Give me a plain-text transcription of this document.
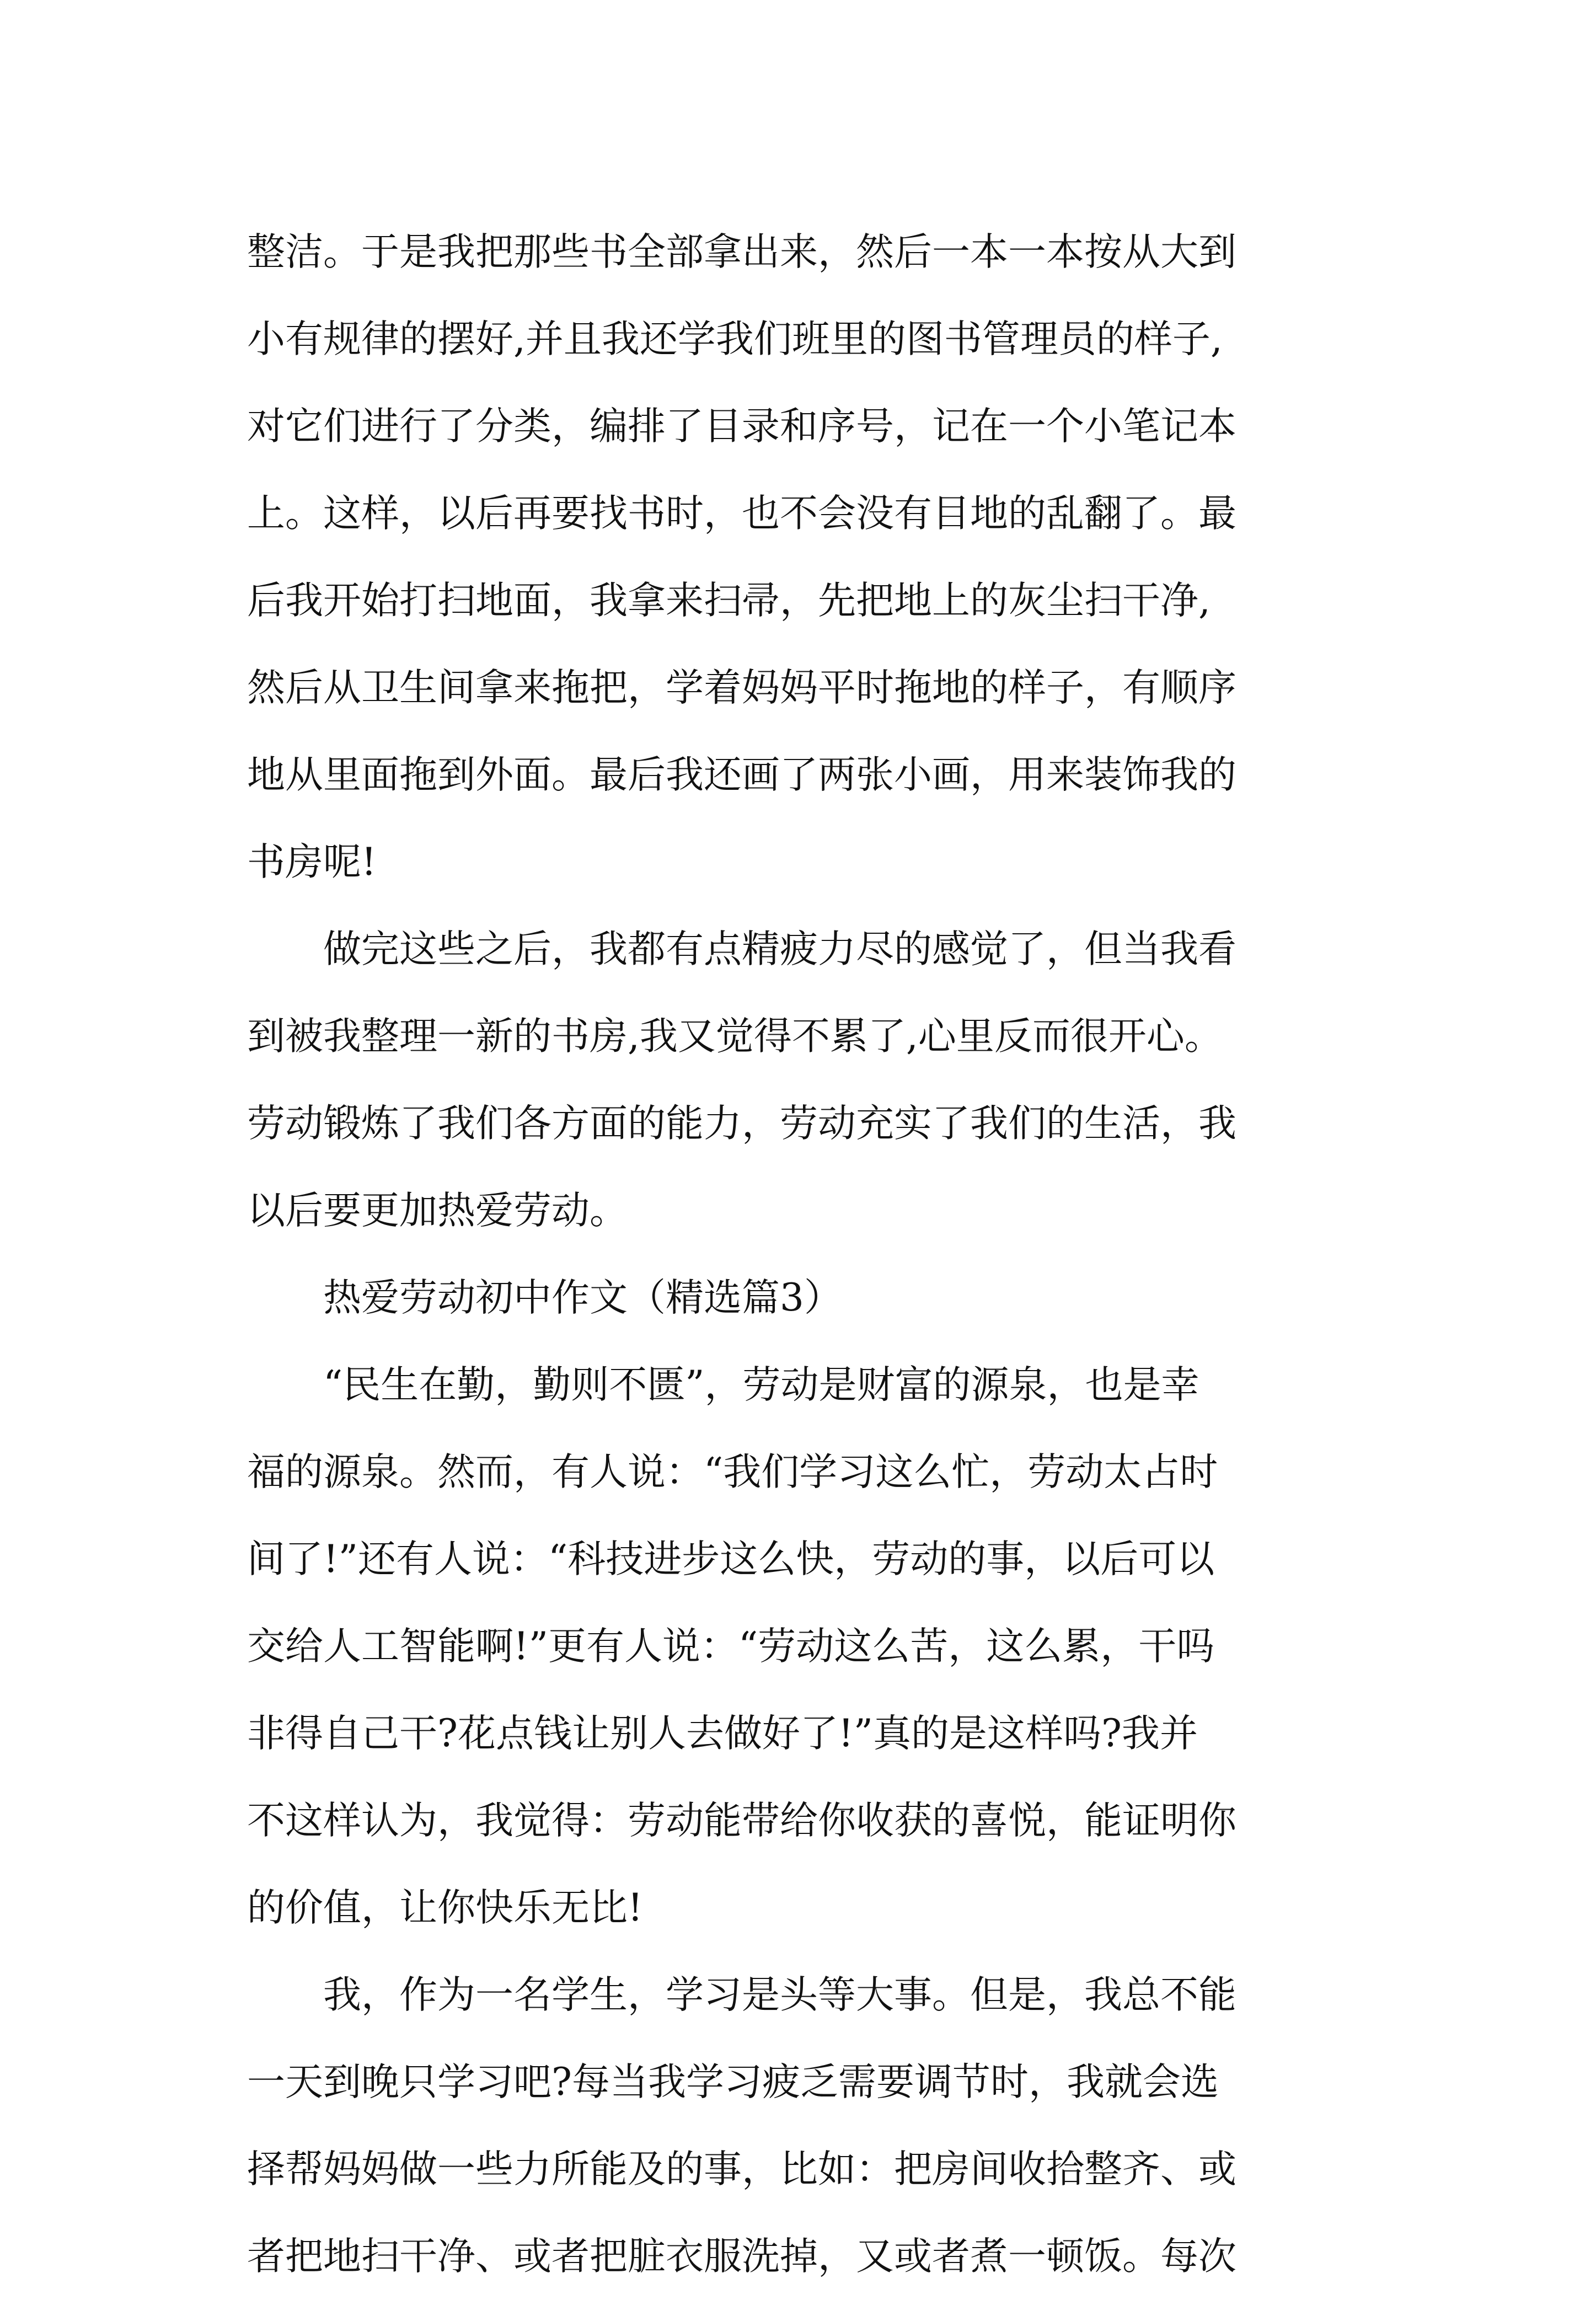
整洁。于是我把那些书全部拿出来，然后一本一本按从大到

小有规律的摆好,并且我还学我们班里的图书管理员的样子,

对它们进行了分类，编排了目录和序号，记在一个小笔记本

上。这样，以后再要找书时，也不会没有目地的乱翻了。最

后我开始打扫地面，我拿来扫帚，先把地上的灰尘扫干净,

然后从卫生间拿来拖把，学着妈妈平时拖地的样子，有顺序

地从里面拖到外面。最后我还画了两张小画，用来装饰我的

书房呢!

　　做完这些之后，我都有点精疲力尽的感觉了，但当我看

到被我整理一新的书房,我又觉得不累了,心里反而很开心。

劳动锻炼了我们各方面的能力，劳动充实了我们的生活，我

以后要更加热爱劳动。

　　热爱劳动初中作文（精选篇3）

　　“民生在勤，勤则不匮”，劳动是财富的源泉，也是幸

福的源泉。然而，有人说：“我们学习这么忙，劳动太占时

间了!”还有人说：“科技进步这么快，劳动的事，以后可以

交给人工智能啊!”更有人说：“劳动这么苦，这么累，干吗

非得自己干?花点钱让别人去做好了!”真的是这样吗?我并

不这样认为，我觉得：劳动能带给你收获的喜悦，能证明你

的价值，让你快乐无比!

　　我，作为一名学生，学习是头等大事。但是，我总不能

一天到晚只学习吧?每当我学习疲乏需要调节时，我就会选

择帮妈妈做一些力所能及的事，比如：把房间收拾整齐、或

者把地扫干净、或者把脏衣服洗掉，又或者煮一顿饭。每次
